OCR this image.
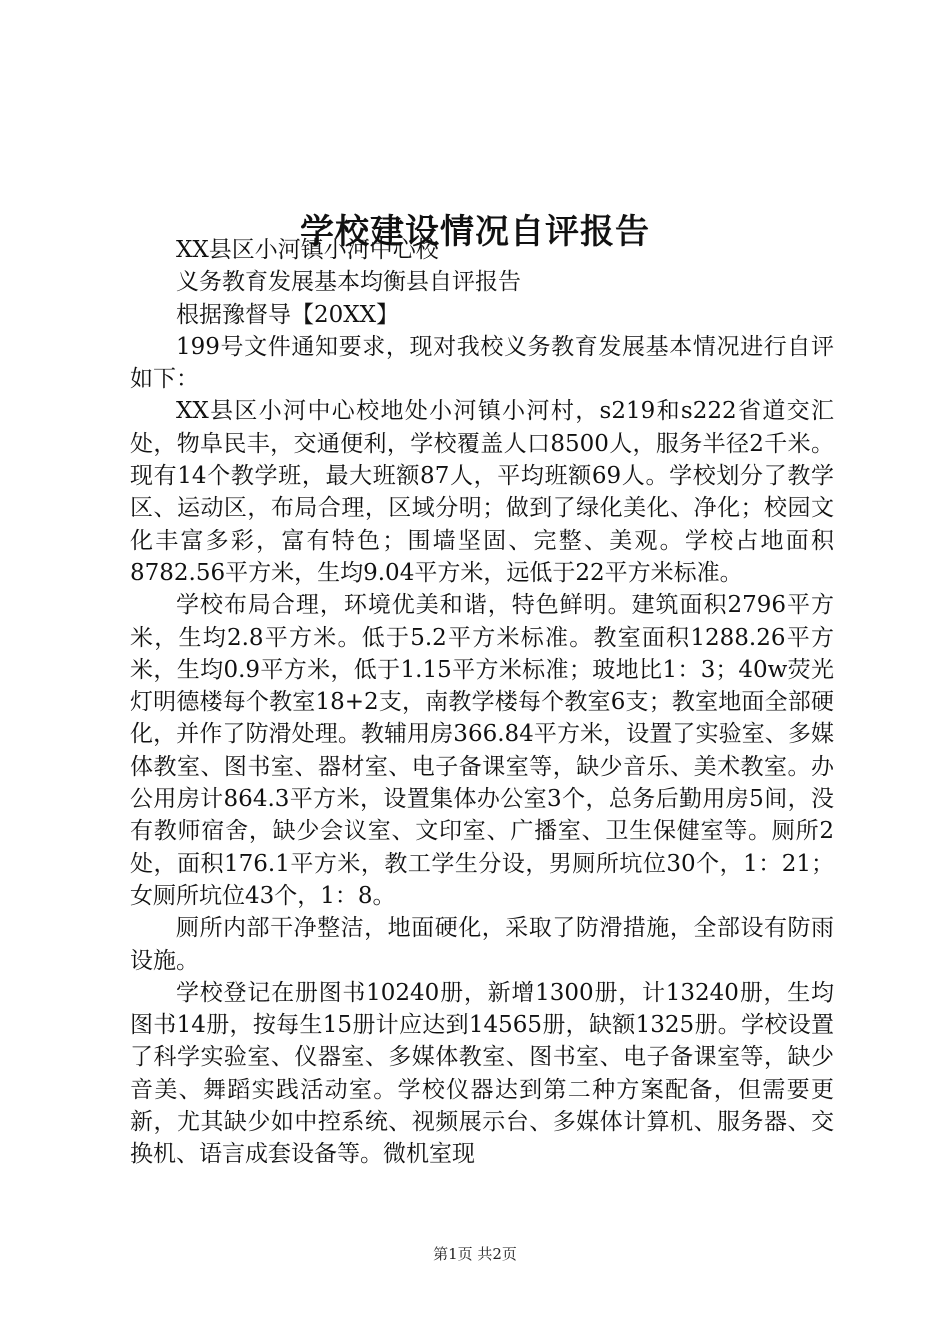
学校建设情况自评报告

XX县区小河镇小河中心校

义务教育发展基本均衡县自评报告

根据豫督导【20XX】

199号文件通知要求，现对我校义务教育发展基本情况进行自评如下：

XX县区小河中心校地处小河镇小河村，s219和s222省道交汇处，物阜民丰，交通便利，学校覆盖人口8500人，服务半径2千米。现有14个教学班，最大班额87人，平均班额69人。学校划分了教学区、运动区，布局合理，区域分明；做到了绿化美化、净化；校园文化丰富多彩，富有特色；围墙坚固、完整、美观。学校占地面积8782.56平方米，生均9.04平方米，远低于22平方米标准。

学校布局合理，环境优美和谐，特色鲜明。建筑面积2796平方米，生均2.8平方米。低于5.2平方米标准。教室面积1288.26平方米，生均0.9平方米，低于1.15平方米标准；玻地比1：3；40w荧光灯明德楼每个教室18+2支，南教学楼每个教室6支；教室地面全部硬化，并作了防滑处理。教辅用房366.84平方米，设置了实验室、多媒体教室、图书室、器材室、电子备课室等，缺少音乐、美术教室。办公用房计864.3平方米，设置集体办公室3个，总务后勤用房5间，没有教师宿舍，缺少会议室、文印室、广播室、卫生保健室等。厕所2处，面积176.1平方米，教工学生分设，男厕所坑位30个，1：21；女厕所坑位43个，1：8。

厕所内部干净整洁，地面硬化，采取了防滑措施，全部设有防雨设施。

学校登记在册图书10240册，新增1300册，计13240册，生均图书14册，按每生15册计应达到14565册，缺额1325册。学校设置了科学实验室、仪器室、多媒体教室、图书室、电子备课室等，缺少音美、舞蹈实践活动室。学校仪器达到第二种方案配备，但需要更新，尤其缺少如中控系统、视频展示台、多媒体计算机、服务器、交换机、语言成套设备等。微机室现

第1页 共2页
